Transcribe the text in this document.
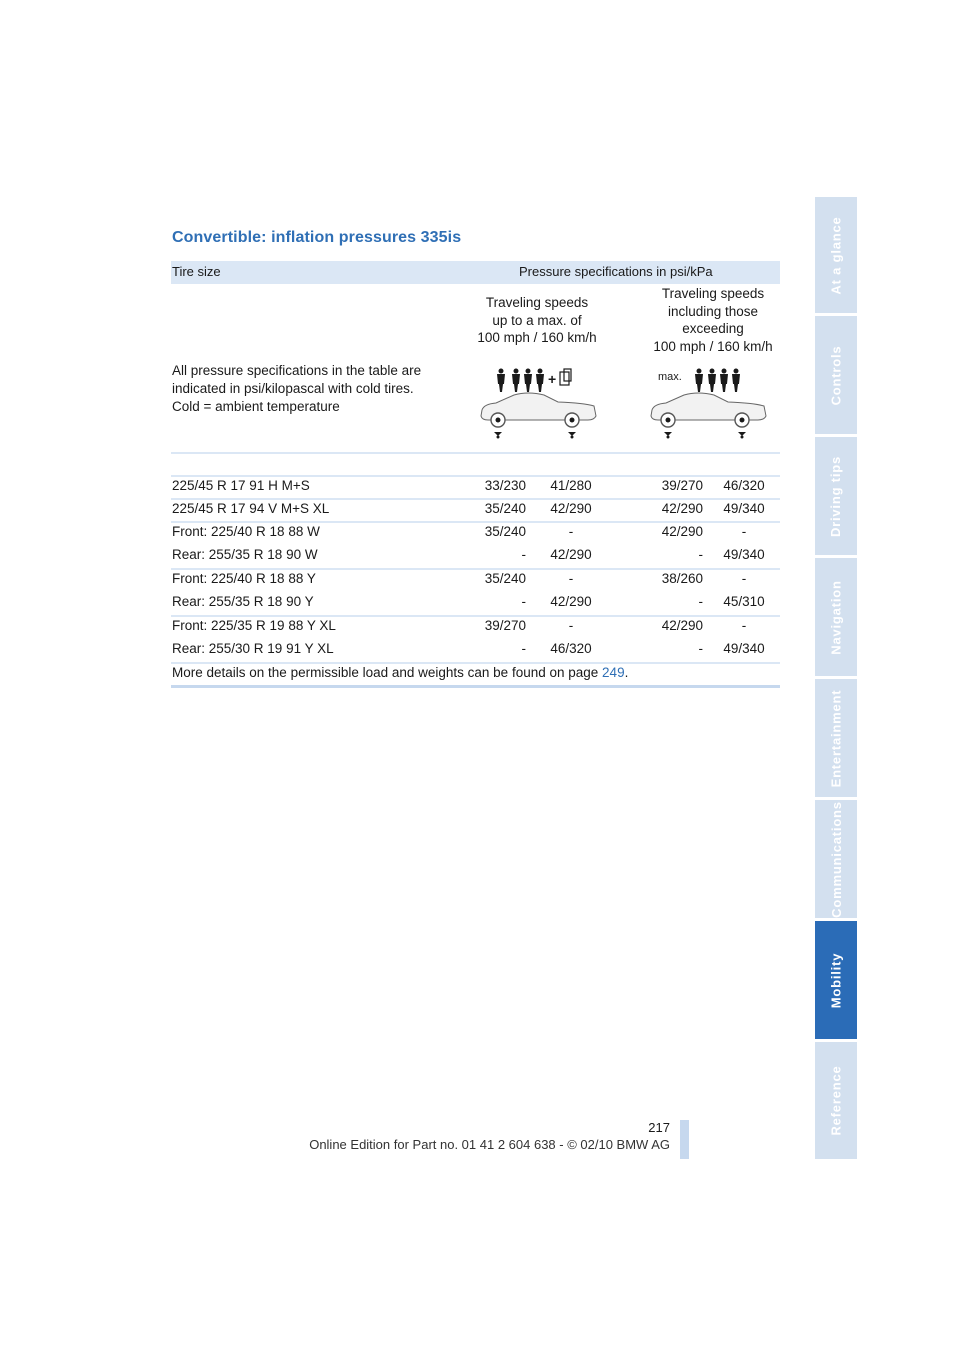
Convertible: inflation pressures 335is
Tire size	Pressure specifications in psi/kPa
Traveling speeds
up to a max. of
100 mph / 160 km/h
Traveling speeds
including those
exceeding
100 mph / 160 km/h
All pressure specifications in the table are
indicated in psi/kilopascal with cold tires.
Cold = ambient temperature
+	max.
225/45 R 17 91 H M+S	33/230 41/280	39/270	46/320
225/45 R 17 94 V M+S XL	35/240 42/290	42/290	49/340
Front: 225/40 R 18 88 W	35/240	-	42/290	-
Rear: 255/35 R 18 90 W	- 42/290	-	49/340
Front: 225/40 R 18 88 Y	35/240	-	38/260	-
Rear: 255/35 R 18 90 Y	- 42/290	-	45/310
Front: 225/35 R 19 88 Y XL	39/270	-	42/290	-
Rear: 255/30 R 19 91 Y XL	- 46/320	-	49/340
More details on the permissible load and weights can be found on page 249.
At a glance
Controls
Driving tips
Navigation
Entertainment
Communications
Mobility
Reference
217
Online Edition for Part no. 01 41 2 604 638 - © 02/10 BMW AG
